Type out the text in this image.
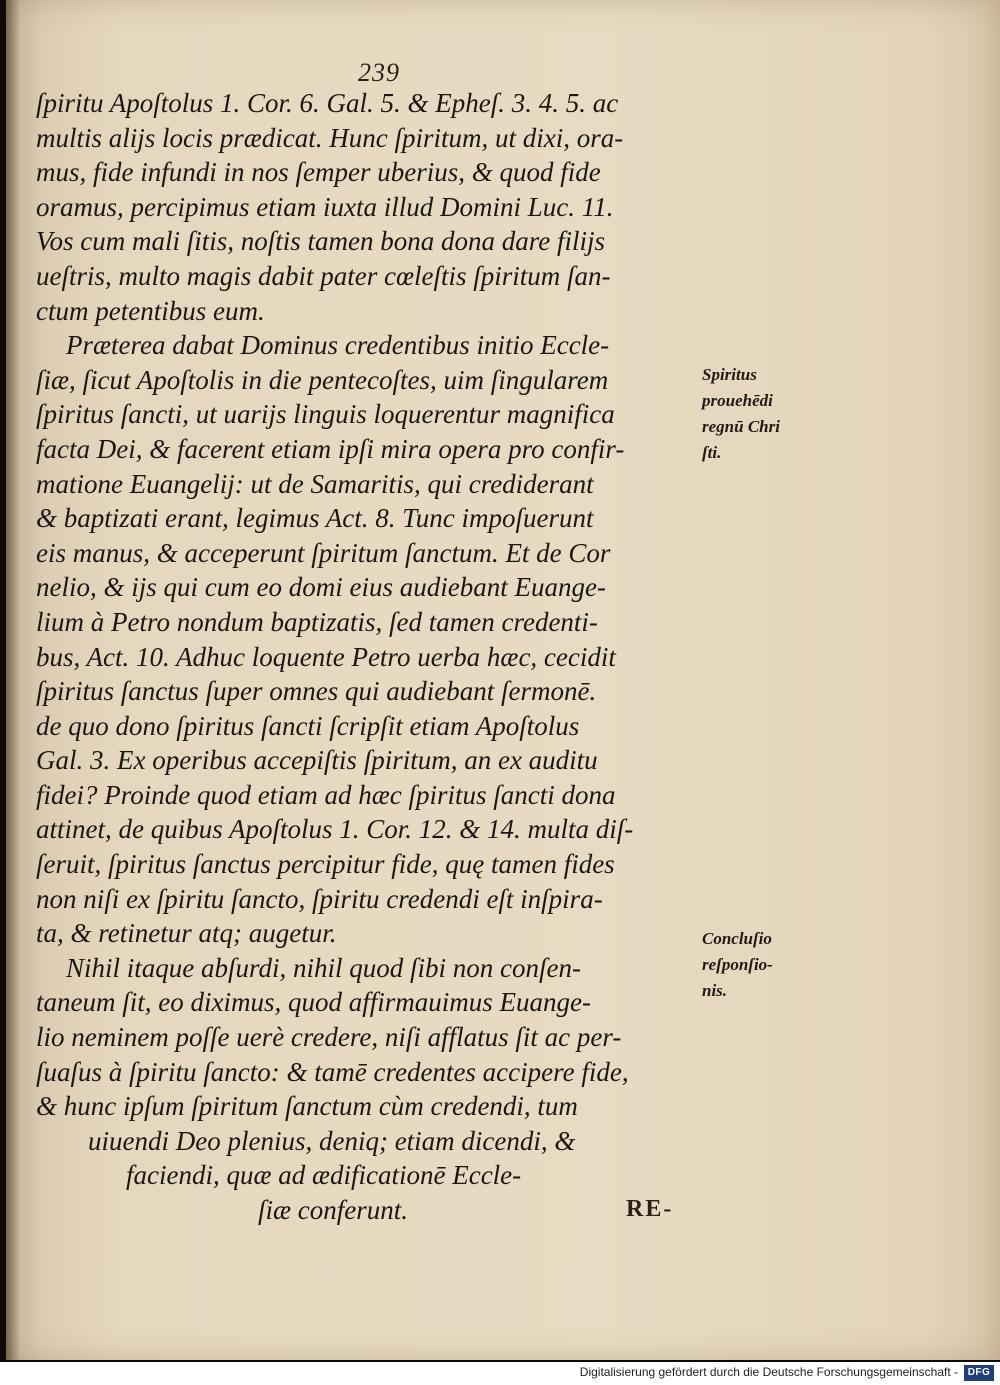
239
ſpiritu Apoſtolus 1. Cor. 6. Gal. 5. & Epheſ. 3. 4. 5. ac
multis alijs locis prædicat. Hunc ſpiritum, ut dixi, ora-
mus, fide infundi in nos ſemper uberius, & quod fide
oramus, percipimus etiam iuxta illud Domini Luc. 11.
Vos cum mali ſitis, noſtis tamen bona dona dare filijs
ueſtris, multo magis dabit pater cœleſtis ſpiritum ſan-
ctum petentibus eum.
Præterea dabat Dominus credentibus initio Eccle-
ſiæ, ſicut Apoſtolis in die pentecoſtes, uim ſingularem
ſpiritus ſancti, ut uarijs linguis loquerentur magnifica
facta Dei, & facerent etiam ipſi mira opera pro confir-
matione Euangelij: ut de Samaritis, qui crediderant
& baptizati erant, legimus Act. 8. Tunc impoſuerunt
eis manus, & acceperunt ſpiritum ſanctum. Et de Cor
nelio, & ijs qui cum eo domi eius audiebant Euange-
lium à Petro nondum baptizatis, ſed tamen credenti-
bus, Act. 10. Adhuc loquente Petro uerba hæc, cecidit
ſpiritus ſanctus ſuper omnes qui audiebant ſermonē.
de quo dono ſpiritus ſancti ſcripſit etiam Apoſtolus
Gal. 3. Ex operibus accepiſtis ſpiritum, an ex auditu
fidei? Proinde quod etiam ad hæc ſpiritus ſancti dona
attinet, de quibus Apoſtolus 1. Cor. 12. & 14. multa diſ-
ſeruit, ſpiritus ſanctus percipitur fide, quę tamen fides
non niſi ex ſpiritu ſancto, ſpiritu credendi eſt inſpira-
ta, & retinetur atq; augetur.
Nihil itaque abſurdi, nihil quod ſibi non conſen-
taneum ſit, eo diximus, quod affirmauimus Euange-
lio neminem poſſe uerè credere, niſi afflatus ſit ac per-
ſuaſus à ſpiritu ſancto: & tamē credentes accipere fide,
& hunc ipſum ſpiritum ſanctum cùm credendi, tum
uiuendi Deo plenius, deniq; etiam dicendi, &
faciendi, quæ ad ædificationē Eccle-
ſiæ conferunt.
Spiritus
prouehēdi
regnū Chri
ſti.
Concluſio
reſponſio-
nis.
RE-
Digitalisierung gefördert durch die Deutsche Forschungsgemeinschaft - DFG
